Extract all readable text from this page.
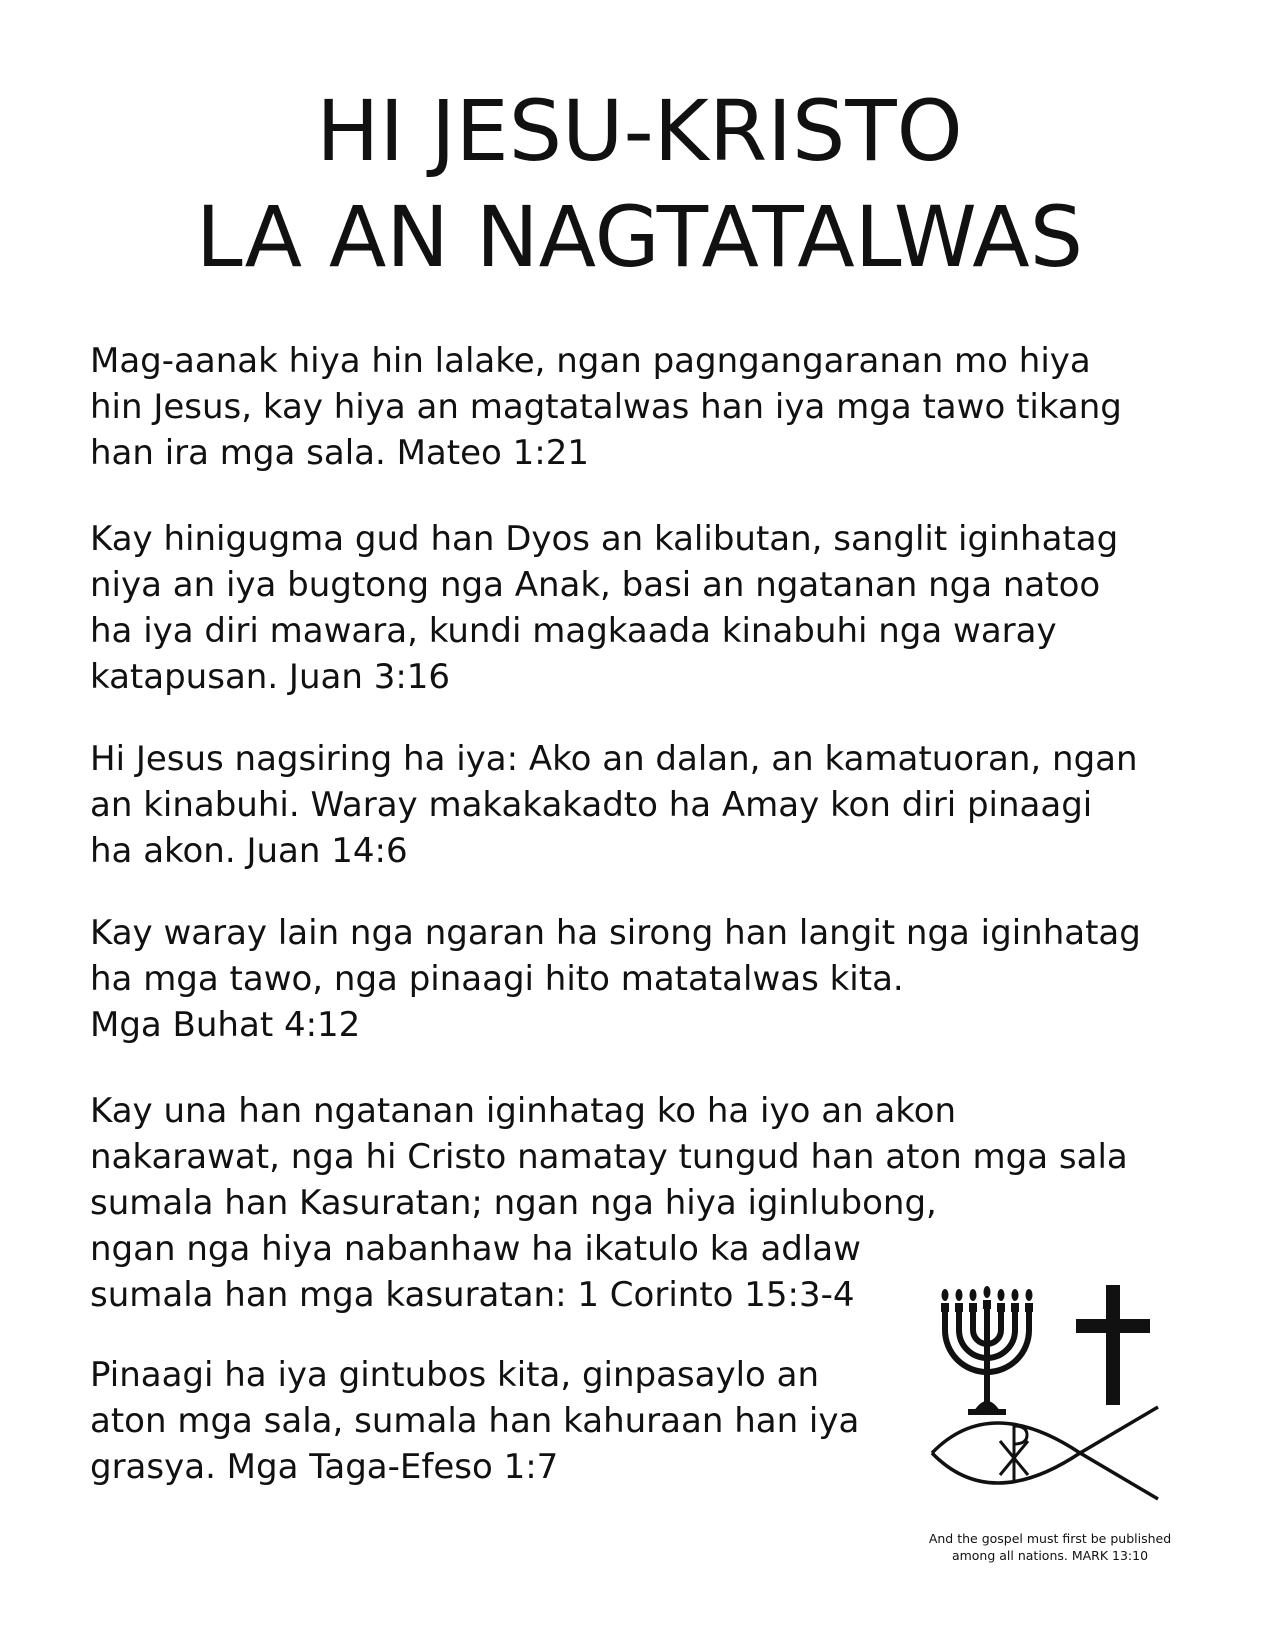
HI JESU-KRISTO
LA AN NAGTATALWAS

Mag-aanak hiya hin lalake, ngan pagngangaranan mo hiya
hin Jesus, kay hiya an magtatalwas han iya mga tawo tikang
han ira mga sala. Mateo 1:21

Kay hinigugma gud han Dyos an kalibutan, sanglit iginhatag
niya an iya bugtong nga Anak, basi an ngatanan nga natoo
ha iya diri mawara, kundi magkaada kinabuhi nga waray
katapusan. Juan 3:16

Hi Jesus nagsiring ha iya: Ako an dalan, an kamatuoran, ngan
an kinabuhi. Waray makakakadto ha Amay kon diri pinaagi
ha akon. Juan 14:6

Kay waray lain nga ngaran ha sirong han langit nga iginhatag
ha mga tawo, nga pinaagi hito matatalwas kita.
Mga Buhat 4:12

Kay una han ngatanan iginhatag ko ha iyo an akon
nakarawat, nga hi Cristo namatay tungud han aton mga sala
sumala han Kasuratan; ngan nga hiya iginlubong,
ngan nga hiya nabanhaw ha ikatulo ka adlaw
sumala han mga kasuratan: 1 Corinto 15:3-4

Pinaagi ha iya gintubos kita, ginpasaylo an
aton mga sala, sumala han kahuraan han iya
grasya. Mga Taga-Efeso 1:7

And the gospel must first be published
among all nations. MARK 13:10
